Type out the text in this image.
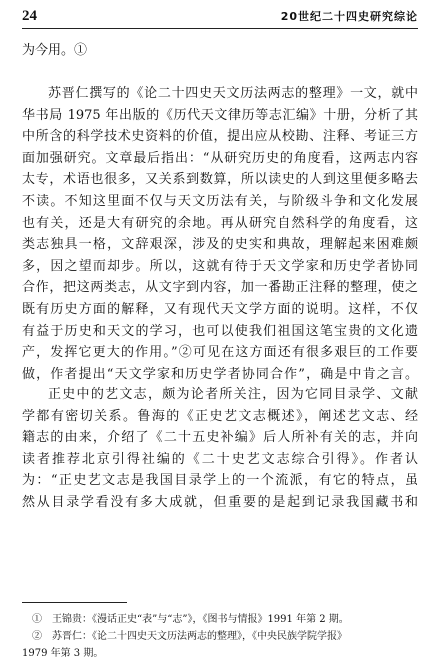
24	20世纪二十四史研究综论
为今用。①
苏晋仁撰写的《论二十四史天文历法两志的整理》一文，就中
华书局 1975 年出版的《历代天文律历等志汇编》十册，分析了其
中所含的科学技术史资料的价值，提出应从校勘、注释、考证三方
面加强研究。文章最后指出：“从研究历史的角度看，这两志内容
太专，术语也很多，又关系到数算，所以读史的人到这里便多略去
不读。不知这里面不仅与天文历法有关，与阶级斗争和文化发展
也有关，还是大有研究的余地。再从研究自然科学的角度看，这
类志独具一格，文辞艰深，涉及的史实和典故，理解起来困难颇
多，因之望而却步。所以，这就有待于天文学家和历史学者协同
合作，把这两类志，从文字到内容，加一番勘正注释的整理，使之
既有历史方面的解释，又有现代天文学方面的说明。这样，不仅
有益于历史和天文的学习，也可以使我们祖国这笔宝贵的文化遗
产，发挥它更大的作用。”②可见在这方面还有很多艰巨的工作要
做，作者提出“天文学家和历史学者协同合作”，确是中肯之言。
正史中的艺文志，颇为论者所关注，因为它同目录学、文献
学都有密切关系。鲁海的《正史艺文志概述》，阐述艺文志、经
籍志的由来，介绍了《二十五史补编》后人所补有关的志，并向
读者推荐北京引得社编的《二十史艺文志综合引得》。作者认
为：“正史艺文志是我国目录学上的一个流派，有它的特点，虽
然从目录学看没有多大成就，但重要的是起到记录我国藏书和
①　王锦贵：《漫话正史“表”与“志”》，《图书与情报》1991 年第 2 期。
②　苏晋仁：《论二十四史天文历法两志的整理》，《中央民族学院学报》
1979 年第 3 期。
